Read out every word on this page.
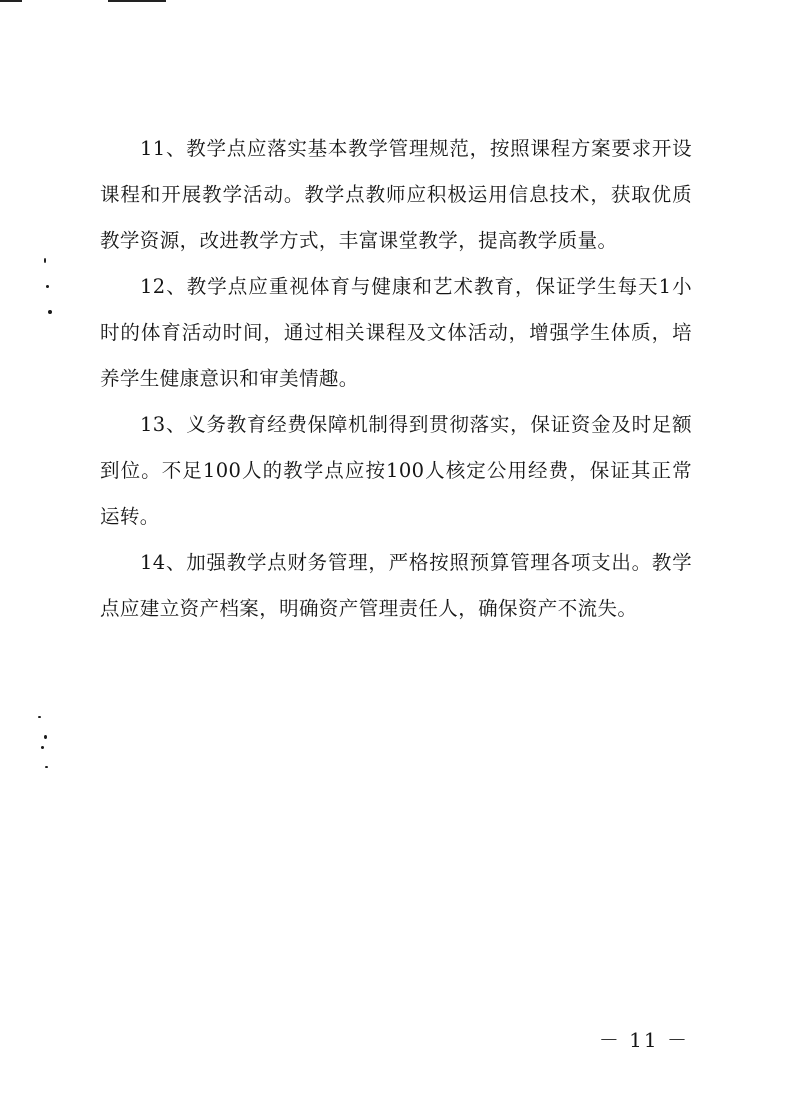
11、教学点应落实基本教学管理规范，按照课程方案要求开设课程和开展教学活动。教学点教师应积极运用信息技术，获取优质教学资源，改进教学方式，丰富课堂教学，提高教学质量。

12、教学点应重视体育与健康和艺术教育，保证学生每天1小时的体育活动时间，通过相关课程及文体活动，增强学生体质，培养学生健康意识和审美情趣。

13、义务教育经费保障机制得到贯彻落实，保证资金及时足额到位。不足100人的教学点应按100人核定公用经费，保证其正常运转。

14、加强教学点财务管理，严格按照预算管理各项支出。教学点应建立资产档案，明确资产管理责任人，确保资产不流失。

－ 11 －
